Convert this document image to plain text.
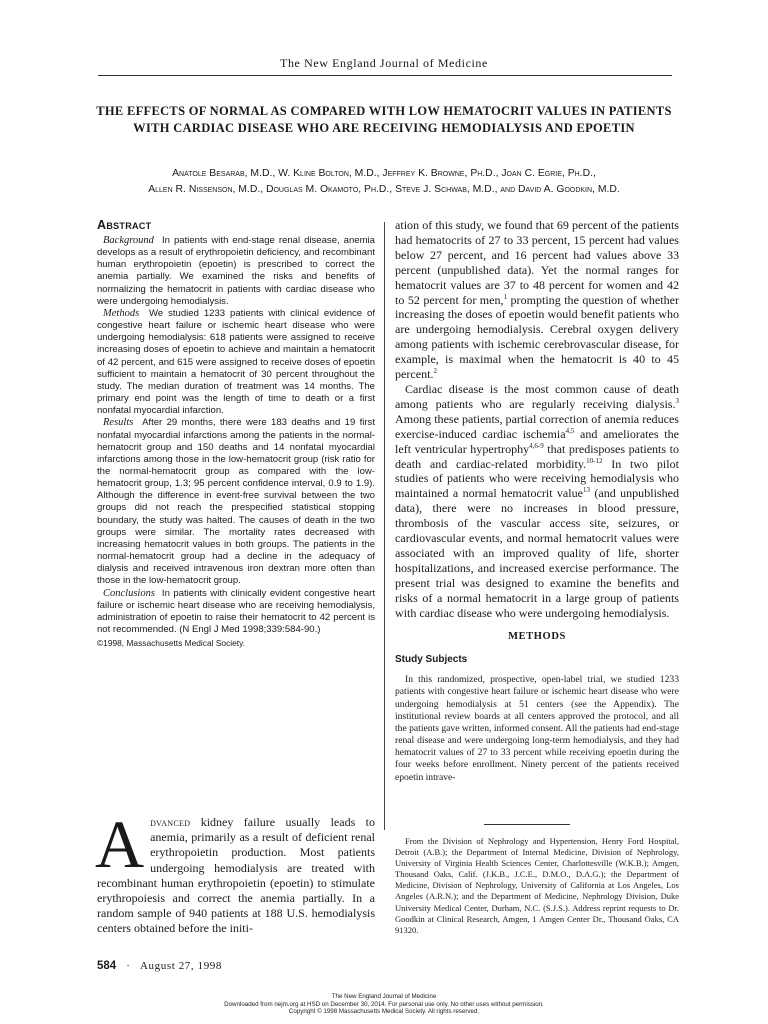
The New England Journal of Medicine
THE EFFECTS OF NORMAL AS COMPARED WITH LOW HEMATOCRIT VALUES IN PATIENTS WITH CARDIAC DISEASE WHO ARE RECEIVING HEMODIALYSIS AND EPOETIN
Anatole Besarab, M.D., W. Kline Bolton, M.D., Jeffrey K. Browne, Ph.D., Joan C. Egrie, Ph.D.,
Allen R. Nissenson, M.D., Douglas M. Okamoto, Ph.D., Steve J. Schwab, M.D., and David A. Goodkin, M.D.
Abstract

Background In patients with end-stage renal disease, anemia develops as a result of erythropoietin deficiency, and recombinant human erythropoietin (epoetin) is prescribed to correct the anemia partially. We examined the risks and benefits of normalizing the hematocrit in patients with cardiac disease who were undergoing hemodialysis.

Methods We studied 1233 patients with clinical evidence of congestive heart failure or ischemic heart disease who were undergoing hemodialysis: 618 patients were assigned to receive increasing doses of epoetin to achieve and maintain a hematocrit of 42 percent, and 615 were assigned to receive doses of epoetin sufficient to maintain a hematocrit of 30 percent throughout the study. The median duration of treatment was 14 months. The primary end point was the length of time to death or a first nonfatal myocardial infarction.

Results After 29 months, there were 183 deaths and 19 first nonfatal myocardial infarctions among the patients in the normal-hematocrit group and 150 deaths and 14 nonfatal myocardial infarctions among those in the low-hematocrit group (risk ratio for the normal-hematocrit group as compared with the low-hematocrit group, 1.3; 95 percent confidence interval, 0.9 to 1.9). Although the difference in event-free survival between the two groups did not reach the prespecified statistical stopping boundary, the study was halted. The causes of death in the two groups were similar. The mortality rates decreased with increasing hematocrit values in both groups. The patients in the normal-hematocrit group had a decline in the adequacy of dialysis and received intravenous iron dextran more often than those in the low-hematocrit group.

Conclusions In patients with clinically evident congestive heart failure or ischemic heart disease who are receiving hemodialysis, administration of epoetin to raise their hematocrit to 42 percent is not recommended. (N Engl J Med 1998;339:584-90.)

©1998, Massachusetts Medical Society.

Advanced kidney failure usually leads to anemia, primarily as a result of deficient renal erythropoietin production. Most patients undergoing hemodialysis are treated with recombinant human erythropoietin (epoetin) to stimulate erythropoiesis and correct the anemia partially. In a random sample of 940 patients at 188 U.S. hemodialysis centers obtained before the initi-

ation of this study, we found that 69 percent of the patients had hematocrits of 27 to 33 percent, 15 percent had values below 27 percent, and 16 percent had values above 33 percent (unpublished data). Yet the normal ranges for hematocrit values are 37 to 48 percent for women and 42 to 52 percent for men,$^1$ prompting the question of whether increasing the doses of epoetin would benefit patients who are undergoing hemodialysis. Cerebral oxygen delivery among patients with ischemic cerebrovascular disease, for example, is maximal when the hematocrit is 40 to 45 percent.$^2$

Cardiac disease is the most common cause of death among patients who are regularly receiving dialysis.$^3$ Among these patients, partial correction of anemia reduces exercise-induced cardiac ischemia$^{4,5}$ and ameliorates the left ventricular hypertrophy$^{4,6-9}$ that predisposes patients to death and cardiac-related morbidity.$^{10-12}$ In two pilot studies of patients who were receiving hemodialysis who maintained a normal hematocrit value$^{13}$ (and unpublished data), there were no increases in blood pressure, thrombosis of the vascular access site, seizures, or cardiovascular events, and normal hematocrit values were associated with an improved quality of life, shorter hospitalizations, and increased exercise performance. The present trial was designed to examine the benefits and risks of a normal hematocrit in a large group of patients with cardiac disease who were undergoing hemodialysis.

METHODS
Study Subjects

In this randomized, prospective, open-label trial, we studied 1233 patients with congestive heart failure or ischemic heart disease who were undergoing hemodialysis at 51 centers (see the Appendix). The institutional review boards at all centers approved the protocol, and all the patients gave written, informed consent. All the patients had end-stage renal disease and were undergoing long-term hemodialysis, and they had hematocrit values of 27 to 33 percent while receiving epoetin during the four weeks before enrollment. Ninety percent of the patients received epoetin intrave-

From the Division of Nephrology and Hypertension, Henry Ford Hospital, Detroit (A.B.); the Department of Internal Medicine, Division of Nephrology, University of Virginia Health Sciences Center, Charlottesville (W.K.B.); Amgen, Thousand Oaks, Calif. (J.K.B., J.C.E., D.M.O., D.A.G.); the Department of Medicine, Division of Nephrology, University of California at Los Angeles, Los Angeles (A.R.N.); and the Department of Medicine, Nephrology Division, Duke University Medical Center, Durham, N.C. (S.J.S.). Address reprint requests to Dr. Goodkin at Clinical Research, Amgen, 1 Amgen Center Dr., Thousand Oaks, CA 91320.
584 · August 27, 1998
The New England Journal of Medicine
Downloaded from nejm.org at HSD on December 30, 2014. For personal use only. No other uses without permission.
Copyright © 1998 Massachusetts Medical Society. All rights reserved.
